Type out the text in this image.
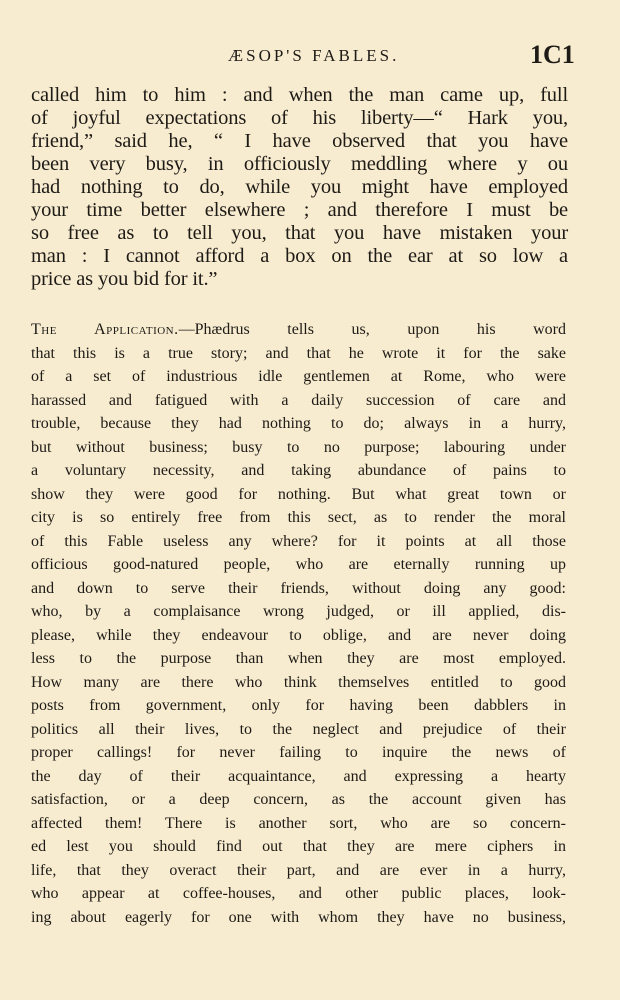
ÆSOP'S FABLES.	1C1
called him to him : and when the man came up, full
of joyful expectations of his liberty—“ Hark you,
friend,” said he, “ I have observed that you have
been very busy, in officiously meddling where y ou
had nothing to do, while you might have employed
your time better elsewhere ; and therefore I must be
so free as to tell you, that you have mistaken your
man : I cannot afford a box on the ear at so low a
price as you bid for it.”
The Application.—Phædrus tells us, upon his word
that this is a true story; and that he wrote it for the sake
of a set of industrious idle gentlemen at Rome, who were
harassed and fatigued with a daily succession of care and
trouble, because they had nothing to do; always in a hurry,
but without business; busy to no purpose; labouring under
a voluntary necessity, and taking abundance of pains to
show they were good for nothing. But what great town or
city is so entirely free from this sect, as to render the moral
of this Fable useless any where? for it points at all those
officious good-natured people, who are eternally running up
and down to serve their friends, without doing any good:
who, by a complaisance wrong judged, or ill applied, dis-
please, while they endeavour to oblige, and are never doing
less to the purpose than when they are most employed.
How many are there who think themselves entitled to good
posts from government, only for having been dabblers in
politics all their lives, to the neglect and prejudice of their
proper callings! for never failing to inquire the news of
the day of their acquaintance, and expressing a hearty
satisfaction, or a deep concern, as the account given has
affected them! There is another sort, who are so concern-
ed lest you should find out that they are mere ciphers in
life, that they overact their part, and are ever in a hurry,
who appear at coffee-houses, and other public places, look-
ing about eagerly for one with whom they have no business,
